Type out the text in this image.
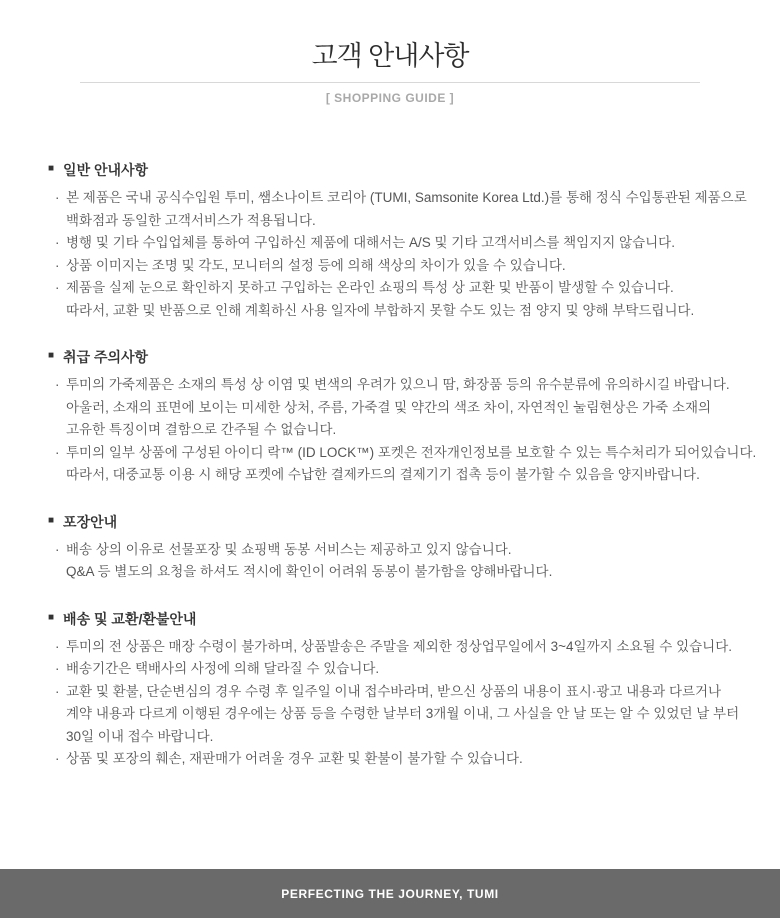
고객 안내사항
[ SHOPPING GUIDE ]
■ 일반 안내사항
· 본 제품은 국내 공식수입원 투미, 쌤소나이트 코리아 (TUMI, Samsonite Korea Ltd.)를 통해 정식 수입통관된 제품으로
백화점과 동일한 고객서비스가 적용됩니다.
· 병행 및 기타 수입업체를 통하여 구입하신 제품에 대해서는 A/S 및 기타 고객서비스를 책임지지 않습니다.
· 상품 이미지는 조명 및 각도, 모니터의 설정 등에 의해 색상의 차이가 있을 수 있습니다.
· 제품을 실제 눈으로 확인하지 못하고 구입하는 온라인 쇼핑의 특성 상 교환 및 반품이 발생할 수 있습니다.
따라서, 교환 및 반품으로 인해 계획하신 사용 일자에 부합하지 못할 수도 있는 점 양지 및 양해 부탁드립니다.
■ 취급 주의사항
· 투미의 가죽제품은 소재의 특성 상 이염 및 변색의 우려가 있으니 땀, 화장품 등의 유수분류에 유의하시길 바랍니다.
아울러, 소재의 표면에 보이는 미세한 상처, 주름, 가죽결 및 약간의 색조 차이, 자연적인 눌림현상은 가죽 소재의
고유한 특징이며 결함으로 간주될 수 없습니다.
· 투미의 일부 상품에 구성된 아이디 락™ (ID LOCK™) 포켓은 전자개인정보를 보호할 수 있는 특수처리가 되어있습니다.
따라서, 대중교통 이용 시 해당 포켓에 수납한 결제카드의 결제기기 접촉 등이 불가할 수 있음을 양지바랍니다.
■ 포장안내
· 배송 상의 이유로 선물포장 및 쇼핑백 동봉 서비스는 제공하고 있지 않습니다.
Q&A 등 별도의 요청을 하셔도 적시에 확인이 어려워 동봉이 불가함을 양해바랍니다.
■ 배송 및 교환/환불안내
· 투미의 전 상품은 매장 수령이 불가하며, 상품발송은 주말을 제외한 정상업무일에서 3~4일까지 소요될 수 있습니다.
· 배송기간은 택배사의 사정에 의해 달라질 수 있습니다.
· 교환 및 환불, 단순변심의 경우 수령 후 일주일 이내 접수바라며, 받으신 상품의 내용이 표시·광고 내용과 다르거나
계약 내용과 다르게 이행된 경우에는 상품 등을 수령한 날부터 3개월 이내, 그 사실을 안 날 또는 알 수 있었던 날 부터
30일 이내 접수 바랍니다.
· 상품 및 포장의 훼손, 재판매가 어려울 경우 교환 및 환불이 불가할 수 있습니다.
PERFECTING THE JOURNEY, TUMI
